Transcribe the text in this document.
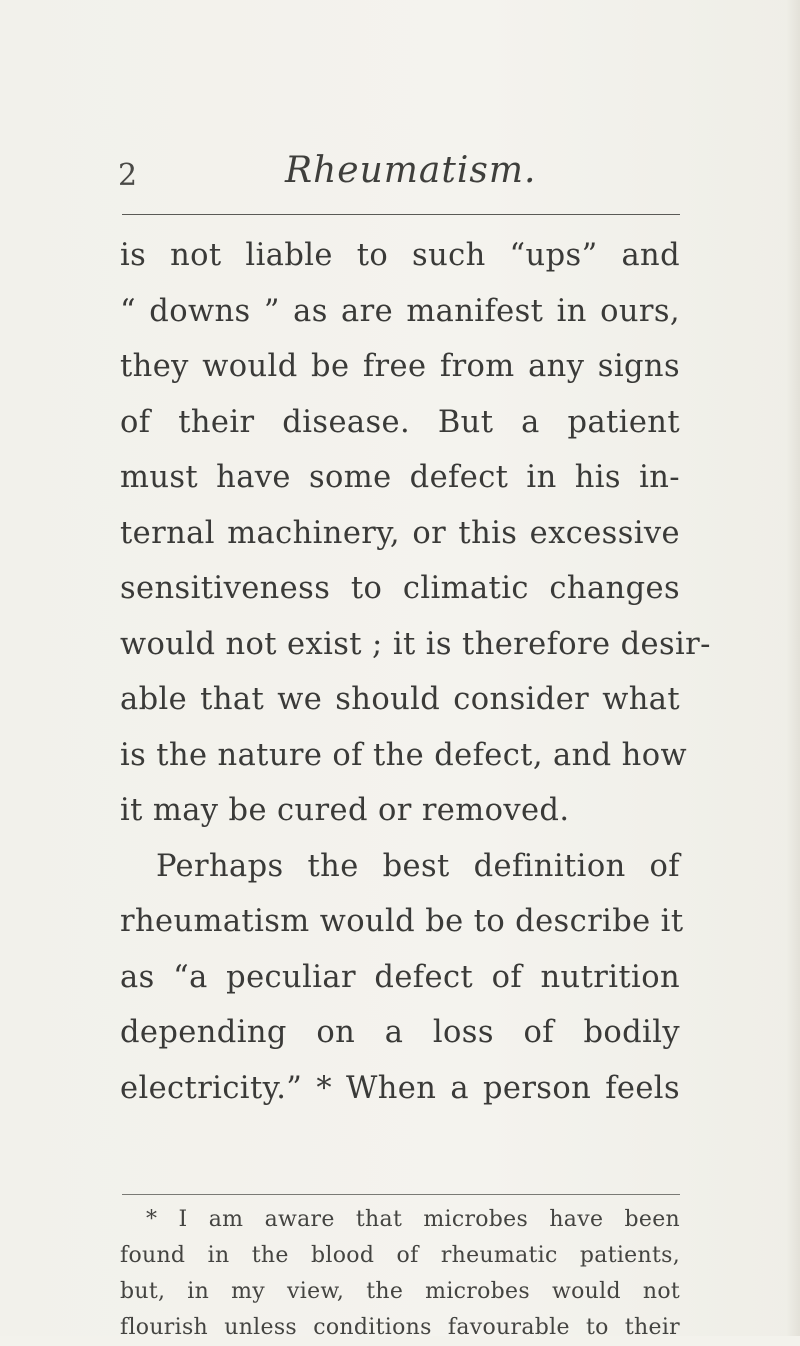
2	Rheumatism.
is not liable to such “ups” and
“ downs ” as are manifest in ours,
they would be free from any signs
of their disease. But a patient
must have some defect in his in-
ternal machinery, or this excessive
sensitiveness to climatic changes
would not exist ; it is therefore desir-
able that we should consider what
is the nature of the defect, and how
it may be cured or removed.
Perhaps the best definition of
rheumatism would be to describe it
as “a peculiar defect of nutrition
depending on a loss of bodily
electricity.” * When a person feels
* I am aware that microbes have been
found in the blood of rheumatic patients,
but, in my view, the microbes would not
flourish unless conditions favourable to their
